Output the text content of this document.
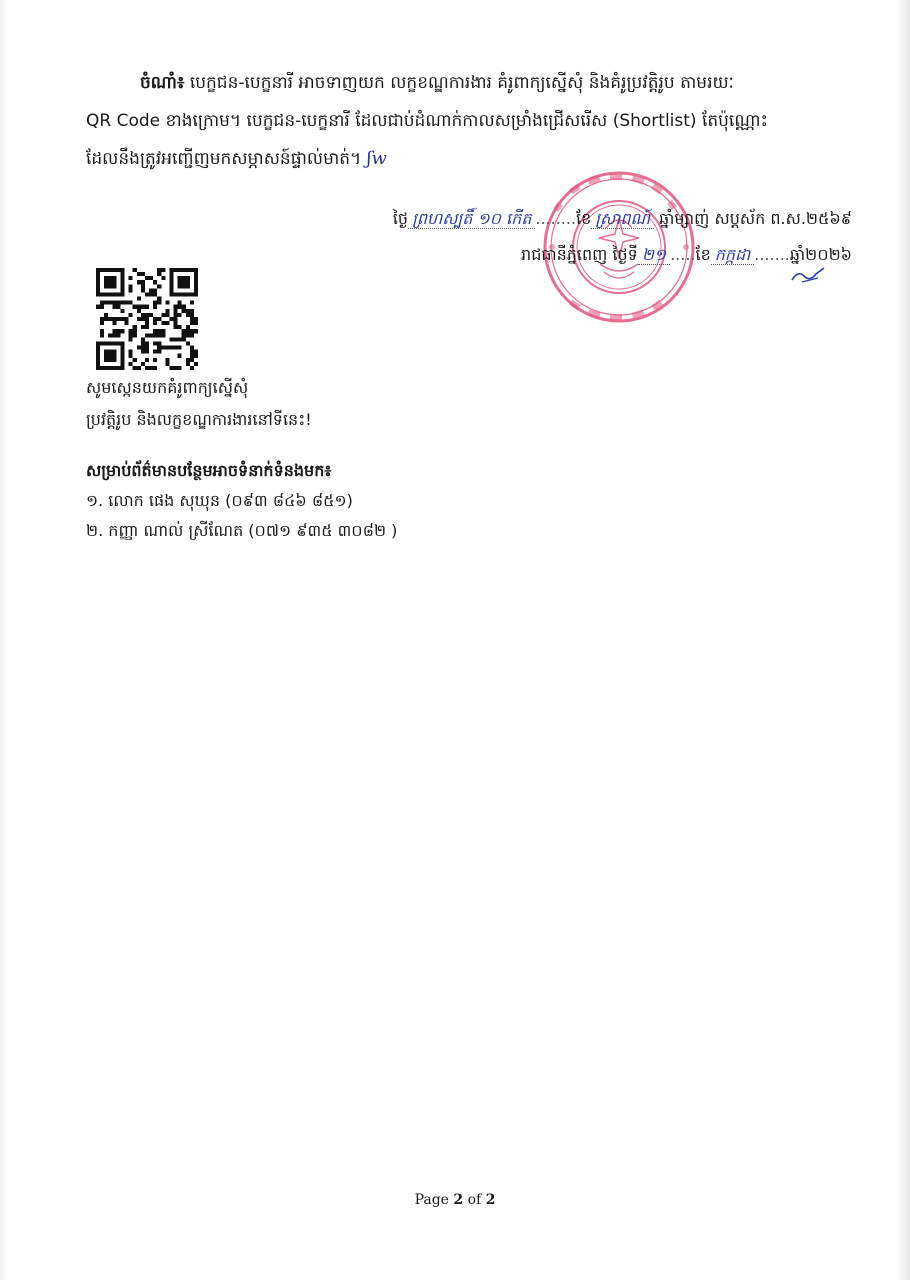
ចំណាំ៖ បេក្ខជន-បេក្ខនារី អាចទាញយក លក្ខខណ្ឌការងារ គំរូពាក្យស្នើសុំ និងគំរូប្រវត្តិរូប តាមរយៈ

QR Code ខាងក្រោម។ បេក្ខជន-បេក្ខនារី ដែលជាប់ដំណាក់កាលសម្រាំងជ្រើសរើស (Shortlist) តែប៉ុណ្ណោះ

ដែលនឹងត្រូវអញ្ជើញមកសម្ភាសន៍ផ្ទាល់មាត់។ ʃw

ថ្ងៃ ព្រហស្បតិ៍ ១០ កើត ........ខែ ស្រាពណ៍ ឆ្នាំម្សាញ់ សប្តស័ក ព.ស.២៥៦៩
រាជធានីភ្នំពេញ ថ្ងៃទី ២១ .....ខែ កក្កដា .......ឆ្នាំ២០២៦

សូមស្កេនយកគំរូពាក្យស្នើសុំ

ប្រវត្តិរូប និងលក្ខខណ្ឌការងារនៅទីនេះ!

សម្រាប់ព័ត៌មានបន្ថែមអាចទំនាក់ទំនងមក៖

១. លោក ផេង សុឃុន (០៩៣ ៨៤៦ ៨៥១)

២. កញ្ញា ណាល់ ស្រីណែត (០៧១ ៩៣៥ ៣០៨២ )

Page 2 of 2
